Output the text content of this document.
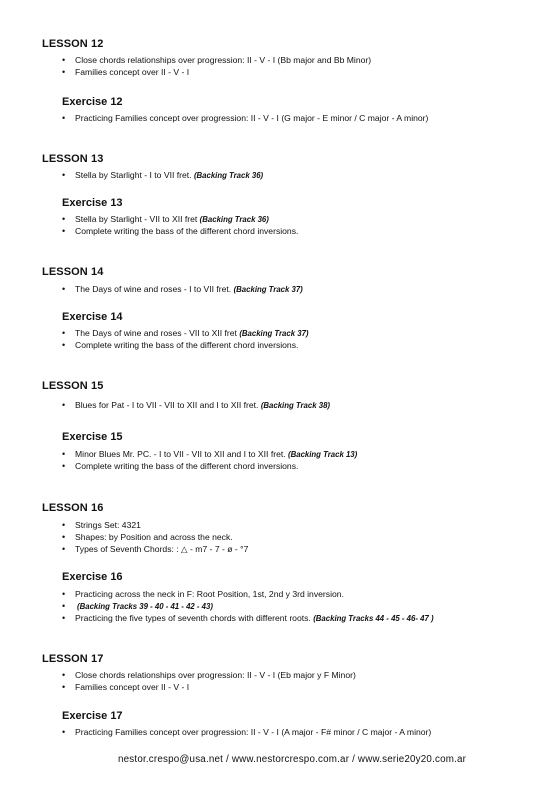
LESSON 12
• Close chords relationships over progression: II - V - I (Bb major and Bb Minor)
• Families concept over II - V - I
Exercise 12
• Practicing Families concept over progression: II - V - I (G major - E minor / C major - A minor)
LESSON 13
• Stella by Starlight - I to VII fret. (Backing Track 36)
Exercise 13
• Stella by Starlight - VII to XII fret (Backing Track 36)
• Complete writing the bass of the different chord inversions.
LESSON 14
• The Days of wine and roses - I to VII fret. (Backing Track 37)
Exercise 14
• The Days of wine and roses - VII to XII fret (Backing Track 37)
• Complete writing the bass of the different chord inversions.
LESSON 15
• Blues for Pat - I to VII - VII to XII and I to XII fret. (Backing Track 38)
Exercise 15
• Minor Blues Mr. PC. - I to VII - VII to XII and I to XII fret. (Backing Track 13)
• Complete writing the bass of the different chord inversions.
LESSON 16
• Strings Set: 4321
• Shapes: by Position and across the neck.
• Types of Seventh Chords: : △ - m7 - 7 - ø - °7
Exercise 16
• Practicing across the neck in F: Root Position, 1st, 2nd y 3rd inversion.
• (Backing Tracks 39 - 40 - 41 - 42 - 43)
• Practicing the five types of seventh chords with different roots. (Backing Tracks 44 - 45 - 46- 47 )
LESSON 17
• Close chords relationships over progression: II - V - I (Eb major y F Minor)
• Families concept over II - V - I
Exercise 17
• Practicing Families concept over progression: II - V - I (A major - F# minor / C major - A minor)
nestor.crespo@usa.net / www.nestorcrespo.com.ar / www.serie20y20.com.ar
